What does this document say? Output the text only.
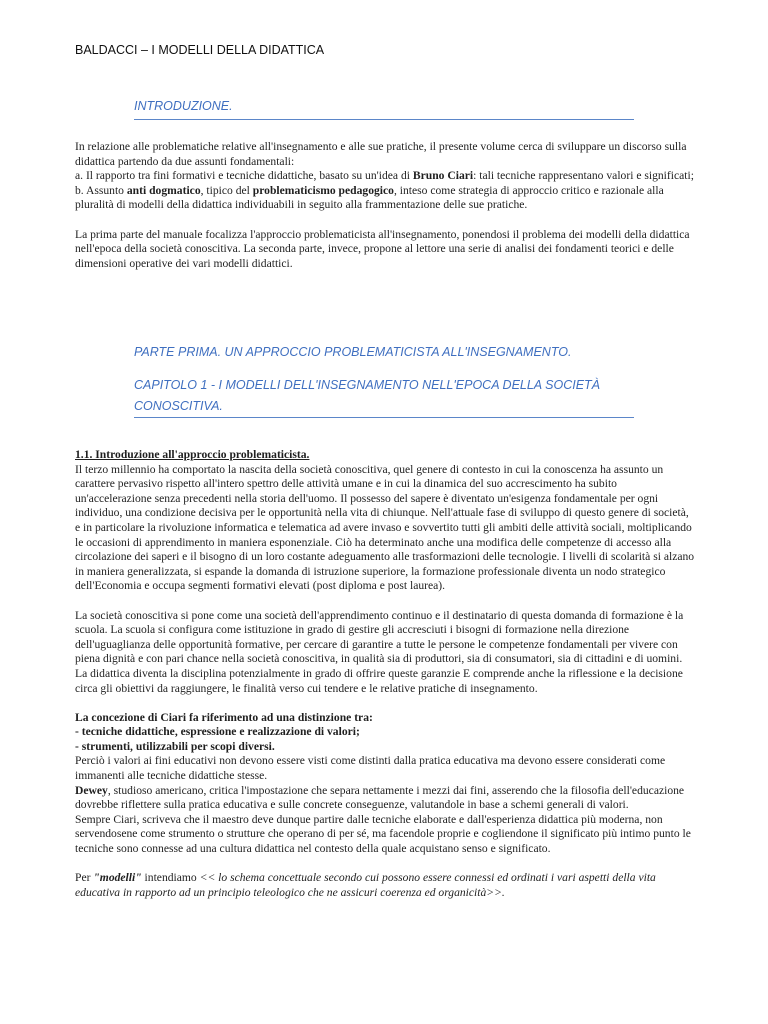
BALDACCI – I MODELLI DELLA DIDATTICA
INTRODUZIONE.

In relazione alle problematiche relative all'insegnamento e alle sue pratiche, il presente volume cerca di sviluppare un discorso sulla didattica partendo da due assunti fondamentali:

a. Il rapporto tra fini formativi e tecniche didattiche, basato su un'idea di Bruno Ciari: tali tecniche rappresentano valori e significati;

b. Assunto anti dogmatico, tipico del problematicismo pedagogico, inteso come strategia di approccio critico e razionale alla pluralità di modelli della didattica individuabili in seguito alla frammentazione delle sue pratiche.

La prima parte del manuale focalizza l'approccio problematicista all'insegnamento, ponendosi il problema dei modelli della didattica nell'epoca della società conoscitiva. La seconda parte, invece, propone al lettore una serie di analisi dei fondamenti teorici e delle dimensioni operative dei vari modelli didattici.

PARTE PRIMA. UN APPROCCIO PROBLEMATICISTA ALL'INSEGNAMENTO.
CAPITOLO 1 - I MODELLI DELL'INSEGNAMENTO NELL'EPOCA DELLA SOCIETÀ
CONOSCITIVA.

1.1. Introduzione all'approccio problematicista.

Il terzo millennio ha comportato la nascita della società conoscitiva, quel genere di contesto in cui la conoscenza ha assunto un carattere pervasivo rispetto all'intero spettro delle attività umane e in cui la dinamica del suo accrescimento ha subito un'accelerazione senza precedenti nella storia dell'uomo. Il possesso del sapere è diventato un'esigenza fondamentale per ogni individuo, una condizione decisiva per le opportunità nella vita di chiunque. Nell'attuale fase di sviluppo di questo genere di società, e in particolare la rivoluzione informatica e telematica ad avere invaso e sovvertito tutti gli ambiti delle attività sociali, moltiplicando le occasioni di apprendimento in maniera esponenziale. Ciò ha determinato anche una modifica delle competenze di accesso alla circolazione dei saperi e il bisogno di un loro costante adeguamento alle trasformazioni delle tecnologie. I livelli di scolarità si alzano in maniera generalizzata, si espande la domanda di istruzione superiore, la formazione professionale diventa un nodo strategico dell'Economia e occupa segmenti formativi elevati (post diploma e post laurea).

La società conoscitiva si pone come una società dell'apprendimento continuo e il destinatario di questa domanda di formazione è la scuola. La scuola si configura come istituzione in grado di gestire gli accresciuti i bisogni di formazione nella direzione dell'uguaglianza delle opportunità formative, per cercare di garantire a tutte le persone le competenze fondamentali per vivere con piena dignità e con pari chance nella società conoscitiva, in qualità sia di produttori, sia di consumatori, sia di cittadini e di uomini.

La didattica diventa la disciplina potenzialmente in grado di offrire queste garanzie E comprende anche la riflessione e la decisione circa gli obiettivi da raggiungere, le finalità verso cui tendere e le relative pratiche di insegnamento.

La concezione di Ciari fa riferimento ad una distinzione tra:

- tecniche didattiche, espressione e realizzazione di valori;

- strumenti, utilizzabili per scopi diversi.

Perciò i valori ai fini educativi non devono essere visti come distinti dalla pratica educativa ma devono essere considerati come immanenti alle tecniche didattiche stesse.

Dewey, studioso americano, critica l'impostazione che separa nettamente i mezzi dai fini, asserendo che la filosofia dell'educazione dovrebbe riflettere sulla pratica educativa e sulle concrete conseguenze, valutandole in base a schemi generali di valori.

Sempre Ciari, scriveva che il maestro deve dunque partire dalle tecniche elaborate e dall'esperienza didattica più moderna, non servendosene come strumento o strutture che operano di per sé, ma facendole proprie e cogliendone il significato più intimo punto le tecniche sono connesse ad una cultura didattica nel contesto della quale acquistano senso e significato.

Per "modelli" intendiamo << lo schema concettuale secondo cui possono essere connessi ed ordinati i vari aspetti della vita educativa in rapporto ad un principio teleologico che ne assicuri coerenza ed organicità>>.
